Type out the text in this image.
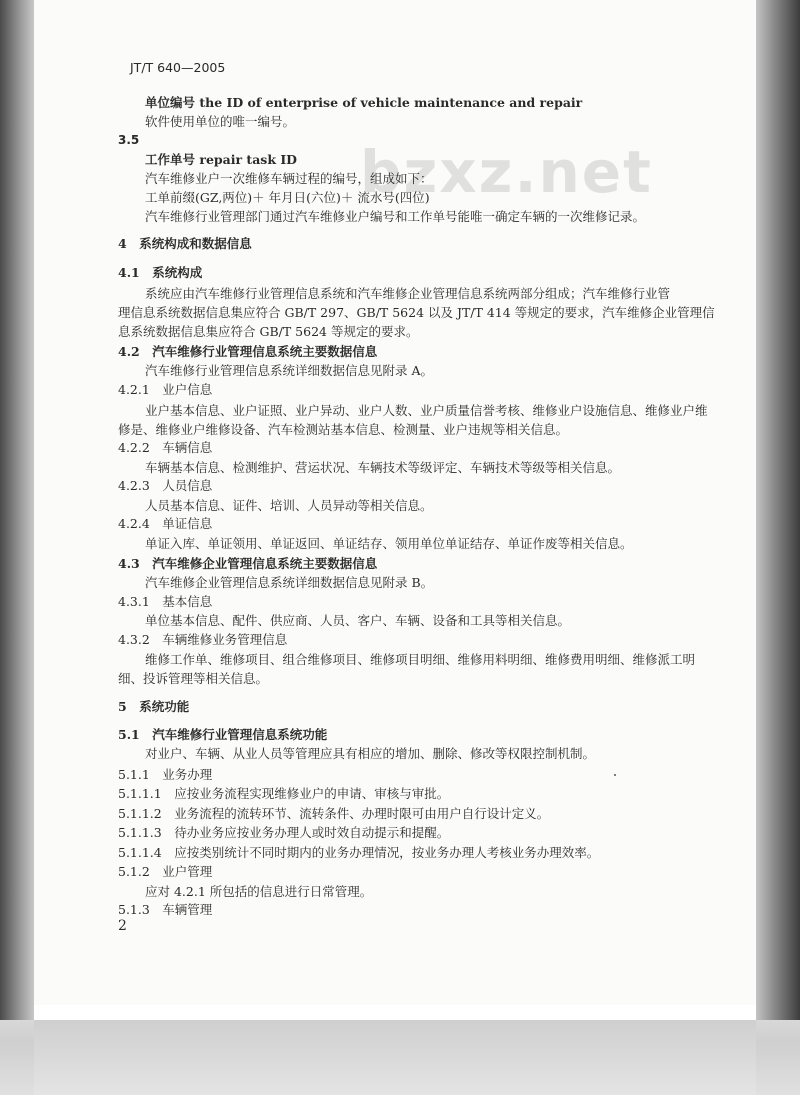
bzxz.net
JT/T 640—2005
单位编号 the ID of enterprise of vehicle maintenance and repair
软件使用单位的唯一编号。
3.5
工作单号 repair task ID
汽车维修业户一次维修车辆过程的编号，组成如下：
工单前缀(GZ,两位)＋ 年月日(六位)＋ 流水号(四位)
汽车维修行业管理部门通过汽车维修业户编号和工作单号能唯一确定车辆的一次维修记录。
4　系统构成和数据信息
4.1　系统构成
系统应由汽车维修行业管理信息系统和汽车维修企业管理信息系统两部分组成；汽车维修行业管
理信息系统数据信息集应符合 GB/T 297、GB/T 5624 以及 JT/T 414 等规定的要求，汽车维修企业管理信
息系统数据信息集应符合 GB/T 5624 等规定的要求。
4.2　汽车维修行业管理信息系统主要数据信息
汽车维修行业管理信息系统详细数据信息见附录 A。
4.2.1　业户信息
业户基本信息、业户证照、业户异动、业户人数、业户质量信誉考核、维修业户设施信息、维修业户维
修是、维修业户维修设备、汽车检测站基本信息、检测量、业户违规等相关信息。
4.2.2　车辆信息
车辆基本信息、检测维护、营运状况、车辆技术等级评定、车辆技术等级等相关信息。
4.2.3　人员信息
人员基本信息、证件、培训、人员异动等相关信息。
4.2.4　单证信息
单证入库、单证领用、单证返回、单证结存、领用单位单证结存、单证作废等相关信息。
4.3　汽车维修企业管理信息系统主要数据信息
汽车维修企业管理信息系统详细数据信息见附录 B。
4.3.1　基本信息
单位基本信息、配件、供应商、人员、客户、车辆、设备和工具等相关信息。
4.3.2　车辆维修业务管理信息
维修工作单、维修项目、组合维修项目、维修项目明细、维修用料明细、维修费用明细、维修派工明
细、投诉管理等相关信息。
5　系统功能
5.1　汽车维修行业管理信息系统功能
对业户、车辆、从业人员等管理应具有相应的增加、删除、修改等权限控制机制。
5.1.1　业务办理
5.1.1.1　应按业务流程实现维修业户的申请、审核与审批。
5.1.1.2　业务流程的流转环节、流转条件、办理时限可由用户自行设计定义。
5.1.1.3　待办业务应按业务办理人或时效自动提示和提醒。
5.1.1.4　应按类别统计不同时期内的业务办理情况，按业务办理人考核业务办理效率。
5.1.2　业户管理
应对 4.2.1 所包括的信息进行日常管理。
5.1.3　车辆管理
2
